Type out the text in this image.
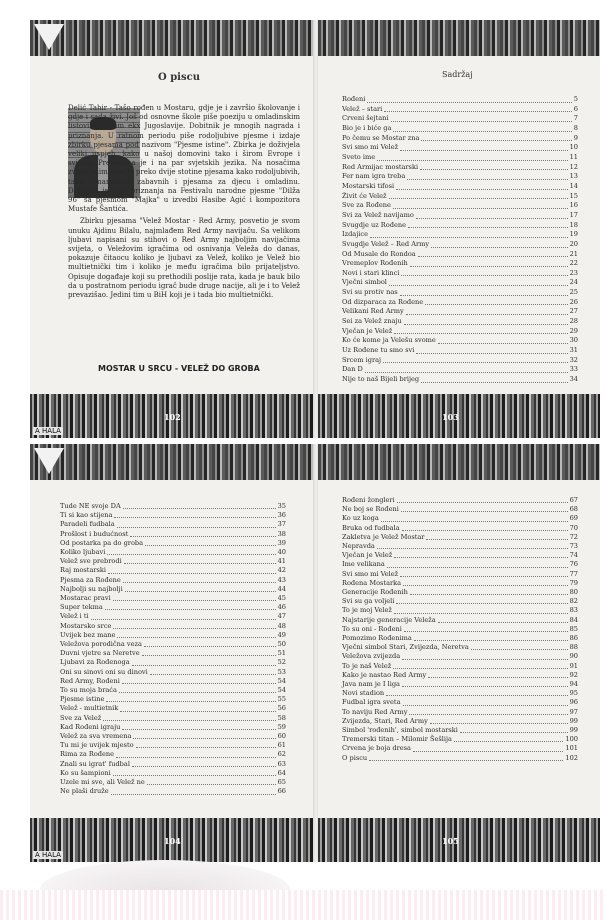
O piscu

Delić Tahir - Tašo rođen u Mostaru, gdje je i završio školovanje i gdje i sada živi. Još od osnovne škole piše poeziju u omladinskim listovima širom ekx Jugoslavije. Dobitnik je mnogih nagrada i priznanja. U ratnom periodu piše rodoljubive pjesme i izdaje zbirku pjesama pod nazivom "Pjesme istine". Zbirka je doživjela veliki uspjeh, kako u našoj domovini tako i širom Evrope i svijeta. Prevedena je i na par svjetskih jezika. Na nosačima zvuka snimljeno je preko dvije stotine pjesama kako rodoljubivih, tako i narodnih, zabavnih i pjesama za djecu i omladinu. Dobitnik je svih priznanja na Festivalu narodne pjesme "Dilža 96" sa pjesmom "Majka" u izvedbi Hasibe Agić i kompozitora Mustafe Šantića.

Zbirku pjesama "Velež Mostar - Red Army, posvetio je svom unuku Ajdinu Bilalu, najmlađem Red Army navijaču. Sa velikom ljubavi napisani su stihovi o Red Army najboljim navijačima svijeta, o Veležovim igračima od osnivanja Veleža do danas, pokazuje čitaocu koliko je ljubavi za Velež, koliko je Velež bio multietnički tim i koliko je među igračima bilo prijateljstvo. Opisuje događaje koji su prethodili poslije rata, kada je bauk bilo da u postratnom periodu igrač bude druge nacije, ali je i to Velež prevazišao. Jedini tim u BiH koji je i tada bio multietnički.

MOSTAR U SRCU - VELEŽ DO GROBA
A HALA
102
Sadržaj
Rođeni	5
Velež – stari	6
Crveni šejtani	7
Bio je i biće ga	8
Po čemu se Mostar zna	9
Svi smo mi Velež	10
Sveto ime	11
Red Armijac mostarski	12
Fer nam igra treba	13
Mostarski tifosi	14
Živit će Velež	15
Sve za Rođene	16
Svi za Velež navijamo	17
Svugdje uz Rođene	18
Izdajice	19
Svugdje Velež – Red Army	20
Od Musale do Rondoa	21
Vremeplov Rođenih	22
Novi i stari klinci	23
Vječni simbol	24
Svi su protiv nas	25
Od dizparaca za Rođene	26
Velikani Red Army	27
Sei za Velež znaju	28
Vječan je Velež	29
Ko će kome ja Velešu svome	30
Uz Rođene tu smo svi	31
Srcem igraj	32
Dan D	33
Nije to naš Bijeli brijeg	34
103
Tude NE svoje DA	35
Ti si kao stijena	36
Paradeli fudbala	37
Prošlost i budućnost	38
Od postarka pa do groba	39
Koliko ljubavi	40
Velež sve prebrodi	41
Raj mostarski	42
Pjesma za Rođene	43
Najbolji su najbolji	44
Mostarac pravi	45
Super tekma	46
Velež i ti	47
Mostarsko srce	48
Uvijek bez mane	49
Veležova porodična veza	50
Duvni vjetre sa Neretve	51
Ljubavi za Rođenoga	52
Oni su sinovi oni su dinovi	53
Red Army, Rođeni	54
To su moja braća	54
Pjesme istine	55
Velež - multietnik	56
Sve za Velež	58
Kad Rođeni igraju	59
Velež za sva vremena	60
Tu mi je uvijek mjesto	61
Rima za Rođene	62
Znali su igrat' fudbal	63
Ko su šampioni	64
Uzele mi sve, ali Velež ne	65
Ne plaši druže	66
A HALA
104
Rođeni žongleri	67
Ne boj se Rođeni	68
Ko uz koga	69
Bruka od fudbala	70
Zakletva je Velež Mostar	72
Nepravda	73
Vječan je Velež	74
Ime velikana	76
Svi smo mi Velež	77
Rođena Mostarka	79
Generacije Rođenih	80
Svi su ga voljeli	82
To je moj Velež	83
Najstarije generacije Veleža	84
To su oni - Rođeni	85
Pomozimo Rođenima	86
Vječni simbol Stari, Zvijezda, Neretva	88
Veležova zvijezda	90
To je naš Velež	91
Kako je nastao Red Army	92
Java nam je I liga	94
Novi stadion	95
Fudbal igra sveta	96
To naviju Red Army	97
Zvijezda, Stari, Red Army	99
Simbol 'rođenih', simbol mostarski	99
Tremerski titan – Milomir Šešlija	100
Crvena je boja dresa	101
O piscu	102
105
